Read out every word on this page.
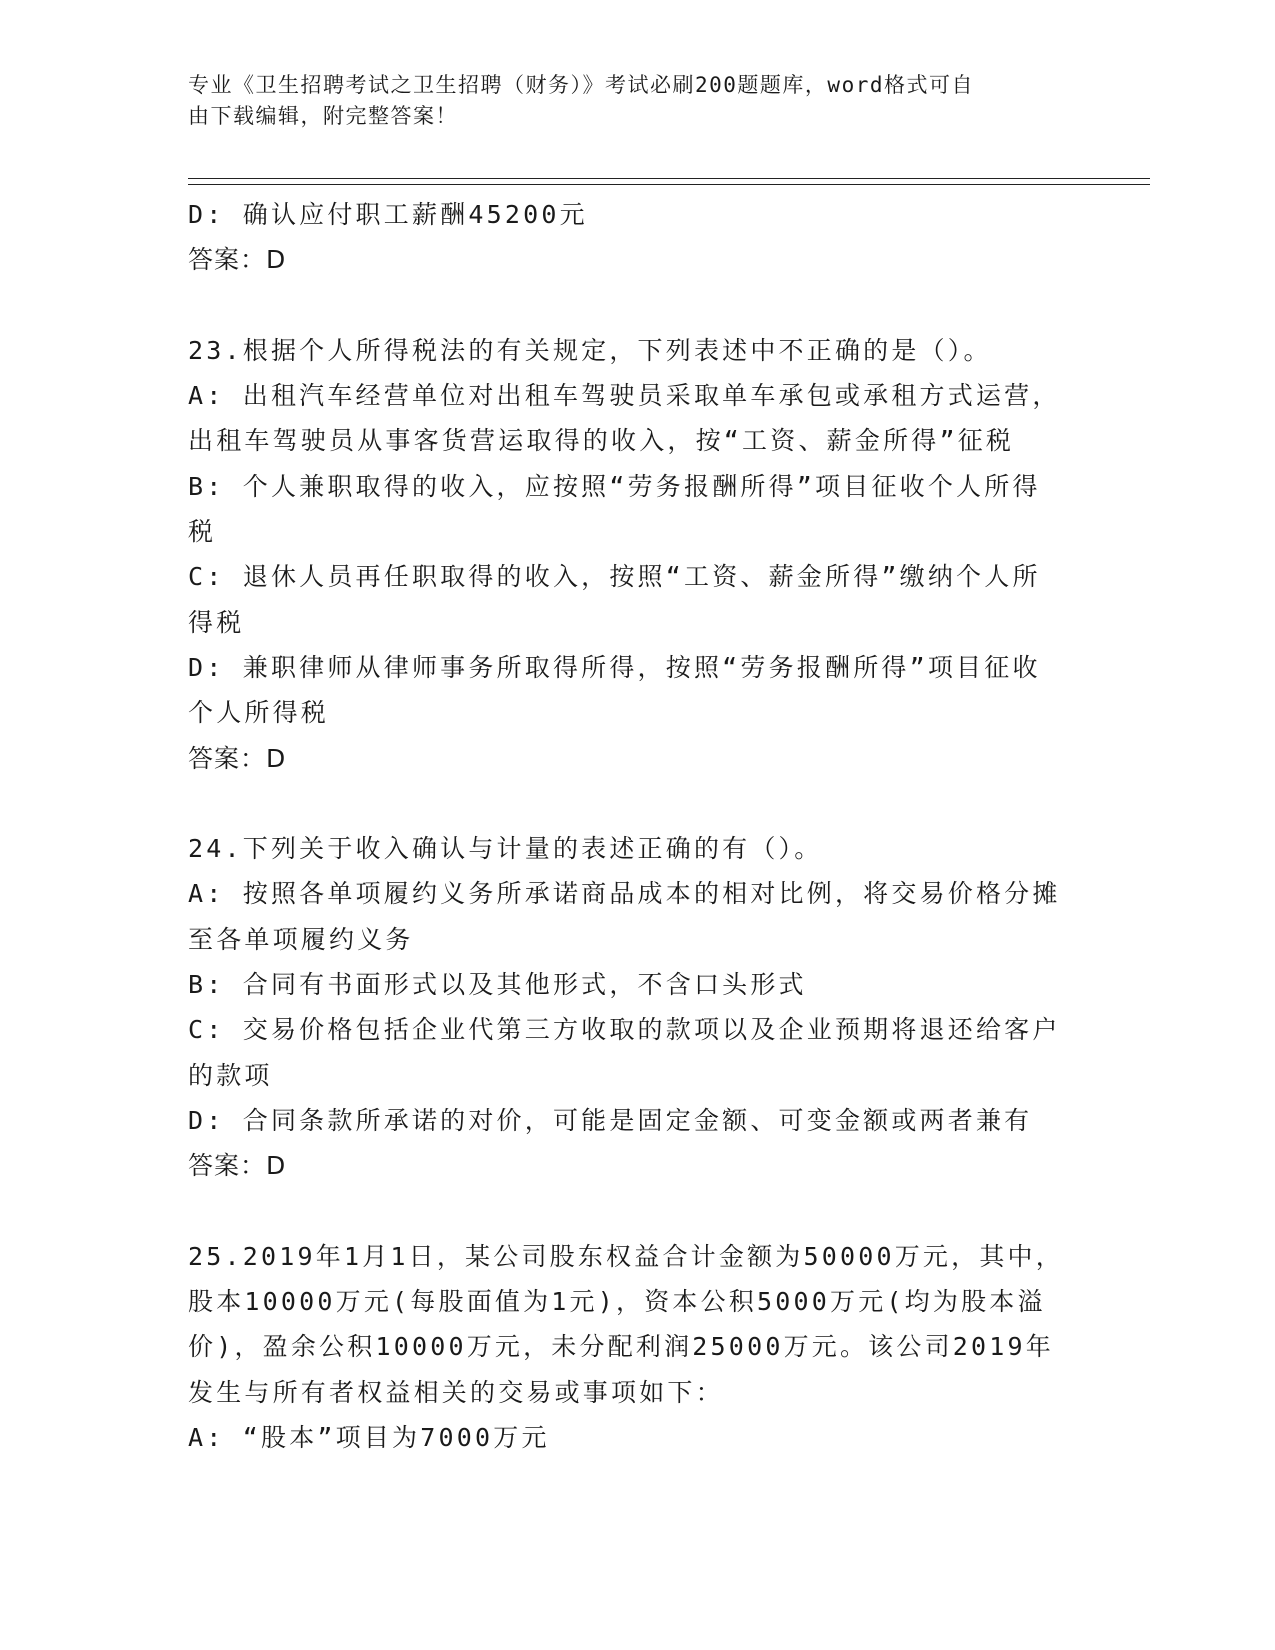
专业《卫生招聘考试之卫生招聘（财务）》考试必刷200题题库，word格式可自
由下载编辑，附完整答案！
D: 确认应付职工薪酬45200元
答案：D
23.根据个人所得税法的有关规定，下列表述中不正确的是（）。
A: 出租汽车经营单位对出租车驾驶员采取单车承包或承租方式运营，
出租车驾驶员从事客货营运取得的收入，按“工资、薪金所得”征税
B: 个人兼职取得的收入，应按照“劳务报酬所得”项目征收个人所得
税
C: 退休人员再任职取得的收入，按照“工资、薪金所得”缴纳个人所
得税
D: 兼职律师从律师事务所取得所得，按照“劳务报酬所得”项目征收
个人所得税
答案：D
24.下列关于收入确认与计量的表述正确的有（）。
A: 按照各单项履约义务所承诺商品成本的相对比例，将交易价格分摊
至各单项履约义务
B: 合同有书面形式以及其他形式，不含口头形式
C: 交易价格包括企业代第三方收取的款项以及企业预期将退还给客户
的款项
D: 合同条款所承诺的对价，可能是固定金额、可变金额或两者兼有
答案：D
25.2019年1月1日，某公司股东权益合计金额为50000万元，其中，
股本10000万元(每股面值为1元)，资本公积5000万元(均为股本溢
价)，盈余公积10000万元，未分配利润25000万元。该公司2019年
发生与所有者权益相关的交易或事项如下：
A: “股本”项目为7000万元
